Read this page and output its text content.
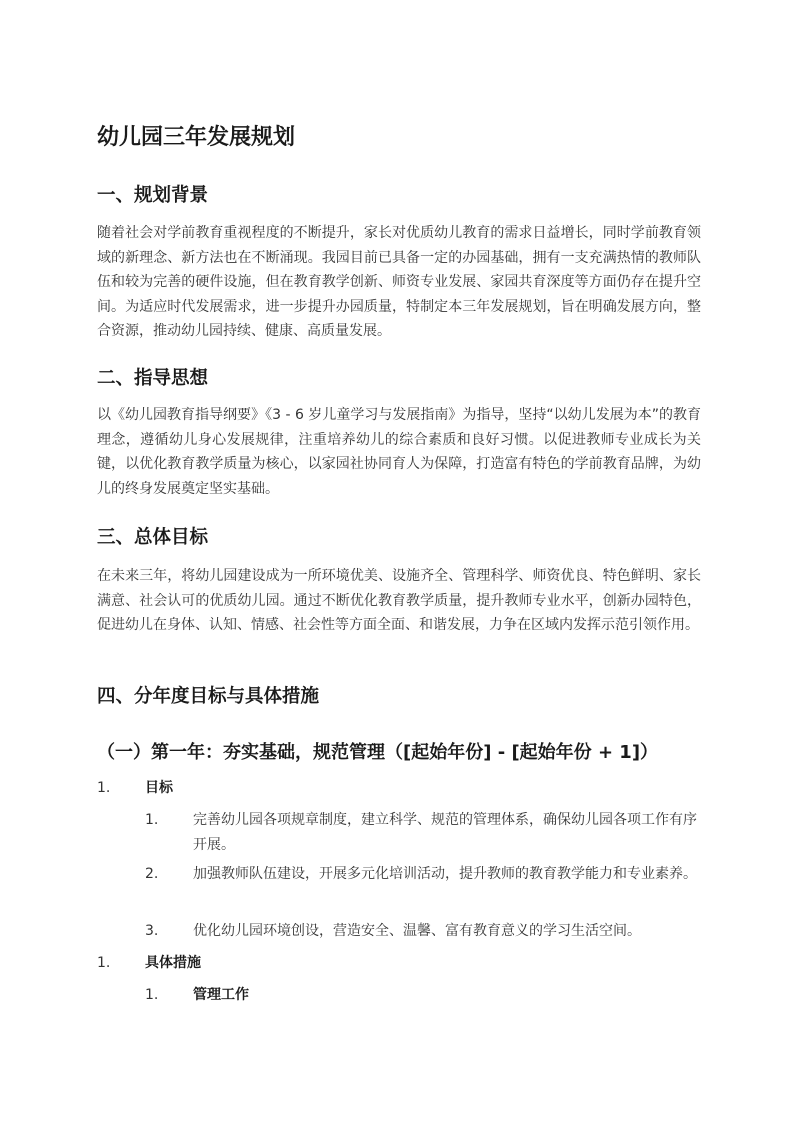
幼儿园三年发展规划
一、规划背景

随着社会对学前教育重视程度的不断提升，家长对优质幼儿教育的需求日益增长，同时学前教育领域的新理念、新方法也在不断涌现。我园目前已具备一定的办园基础，拥有一支充满热情的教师队伍和较为完善的硬件设施，但在教育教学创新、师资专业发展、家园共育深度等方面仍存在提升空间。为适应时代发展需求，进一步提升办园质量，特制定本三年发展规划，旨在明确发展方向，整合资源，推动幼儿园持续、健康、高质量发展。

二、指导思想

以《幼儿园教育指导纲要》《3 - 6 岁儿童学习与发展指南》为指导，坚持“以幼儿发展为本”的教育理念，遵循幼儿身心发展规律，注重培养幼儿的综合素质和良好习惯。以促进教师专业成长为关键，以优化教育教学质量为核心，以家园社协同育人为保障，打造富有特色的学前教育品牌，为幼儿的终身发展奠定坚实基础。

三、总体目标

在未来三年，将幼儿园建设成为一所环境优美、设施齐全、管理科学、师资优良、特色鲜明、家长满意、社会认可的优质幼儿园。通过不断优化教育教学质量，提升教师专业水平，创新办园特色，促进幼儿在身体、认知、情感、社会性等方面全面、和谐发展，力争在区域内发挥示范引领作用。

四、分年度目标与具体措施
（一）第一年：夯实基础，规范管理（[起始年份] - [起始年份 + 1]）
1. 目标
1. 完善幼儿园各项规章制度，建立科学、规范的管理体系，确保幼儿园各项工作有序开展。
2. 加强教师队伍建设，开展多元化培训活动，提升教师的教育教学能力和专业素养。
3. 优化幼儿园环境创设，营造安全、温馨、富有教育意义的学习生活空间。
1. 具体措施
1. 管理工作
